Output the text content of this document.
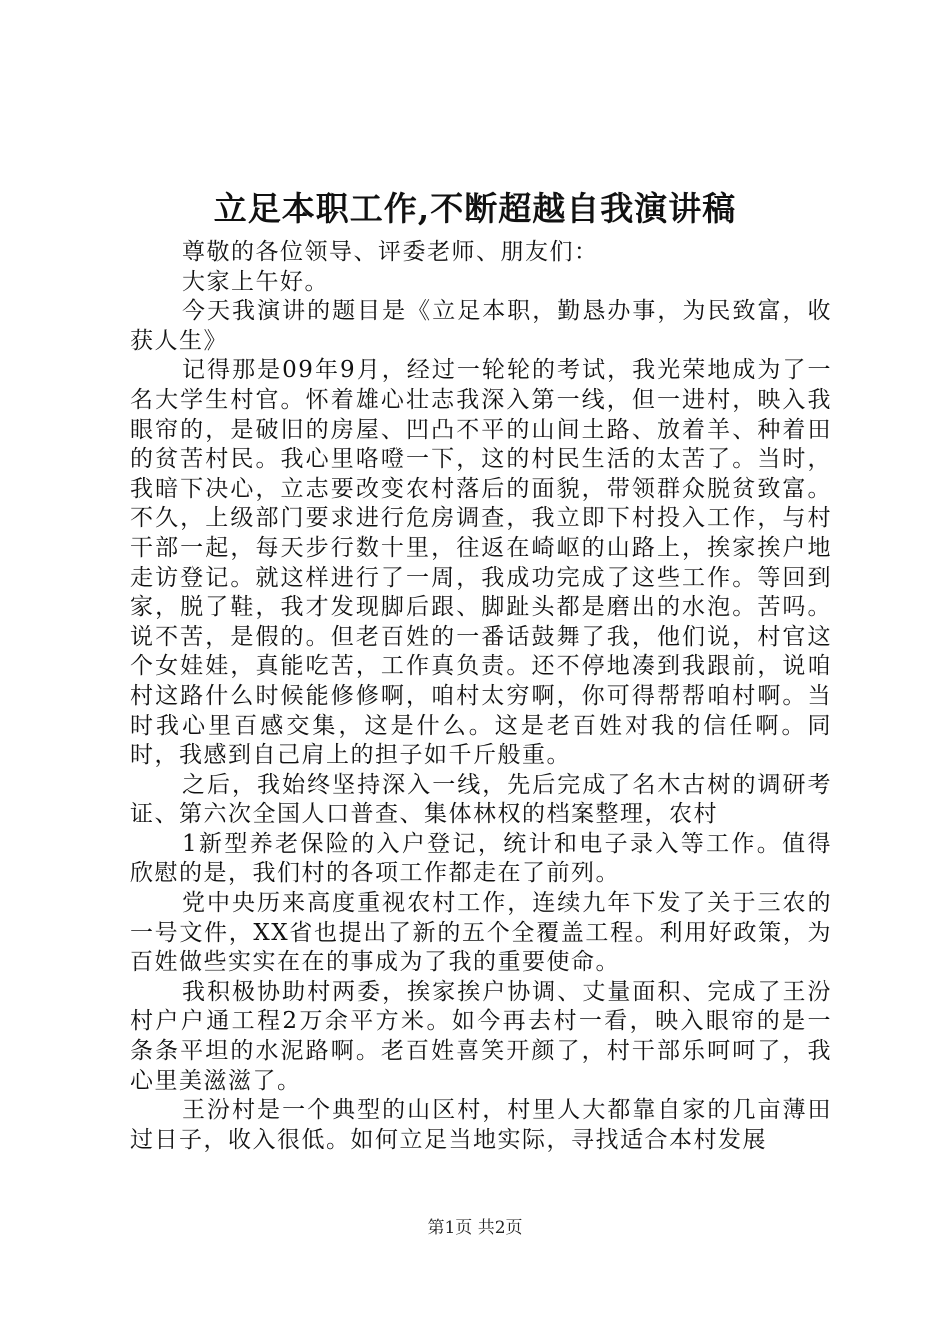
立足本职工作,不断超越自我演讲稿

尊敬的各位领导、评委老师、朋友们：

大家上午好。

今天我演讲的题目是《立足本职，勤恳办事，为民致富，收获人生》

记得那是09年9月，经过一轮轮的考试，我光荣地成为了一名大学生村官。怀着雄心壮志我深入第一线，但一进村，映入我眼帘的，是破旧的房屋、凹凸不平的山间土路、放着羊、种着田的贫苦村民。我心里咯噔一下，这的村民生活的太苦了。当时，我暗下决心，立志要改变农村落后的面貌，带领群众脱贫致富。不久，上级部门要求进行危房调查，我立即下村投入工作，与村干部一起，每天步行数十里，往返在崎岖的山路上，挨家挨户地走访登记。就这样进行了一周，我成功完成了这些工作。等回到家，脱了鞋，我才发现脚后跟、脚趾头都是磨出的水泡。苦吗。说不苦，是假的。但老百姓的一番话鼓舞了我，他们说，村官这个女娃娃，真能吃苦，工作真负责。还不停地凑到我跟前，说咱村这路什么时候能修修啊，咱村太穷啊，你可得帮帮咱村啊。当时我心里百感交集，这是什么。这是老百姓对我的信任啊。同时，我感到自己肩上的担子如千斤般重。

之后，我始终坚持深入一线，先后完成了名木古树的调研考证、第六次全国人口普查、集体林权的档案整理，农村

1新型养老保险的入户登记，统计和电子录入等工作。值得欣慰的是，我们村的各项工作都走在了前列。

党中央历来高度重视农村工作，连续九年下发了关于三农的一号文件，XX省也提出了新的五个全覆盖工程。利用好政策，为百姓做些实实在在的事成为了我的重要使命。

我积极协助村两委，挨家挨户协调、丈量面积、完成了王汾村户户通工程2万余平方米。如今再去村一看，映入眼帘的是一条条平坦的水泥路啊。老百姓喜笑开颜了，村干部乐呵呵了，我心里美滋滋了。

王汾村是一个典型的山区村，村里人大都靠自家的几亩薄田过日子，收入很低。如何立足当地实际，寻找适合本村发展

第1页 共2页
